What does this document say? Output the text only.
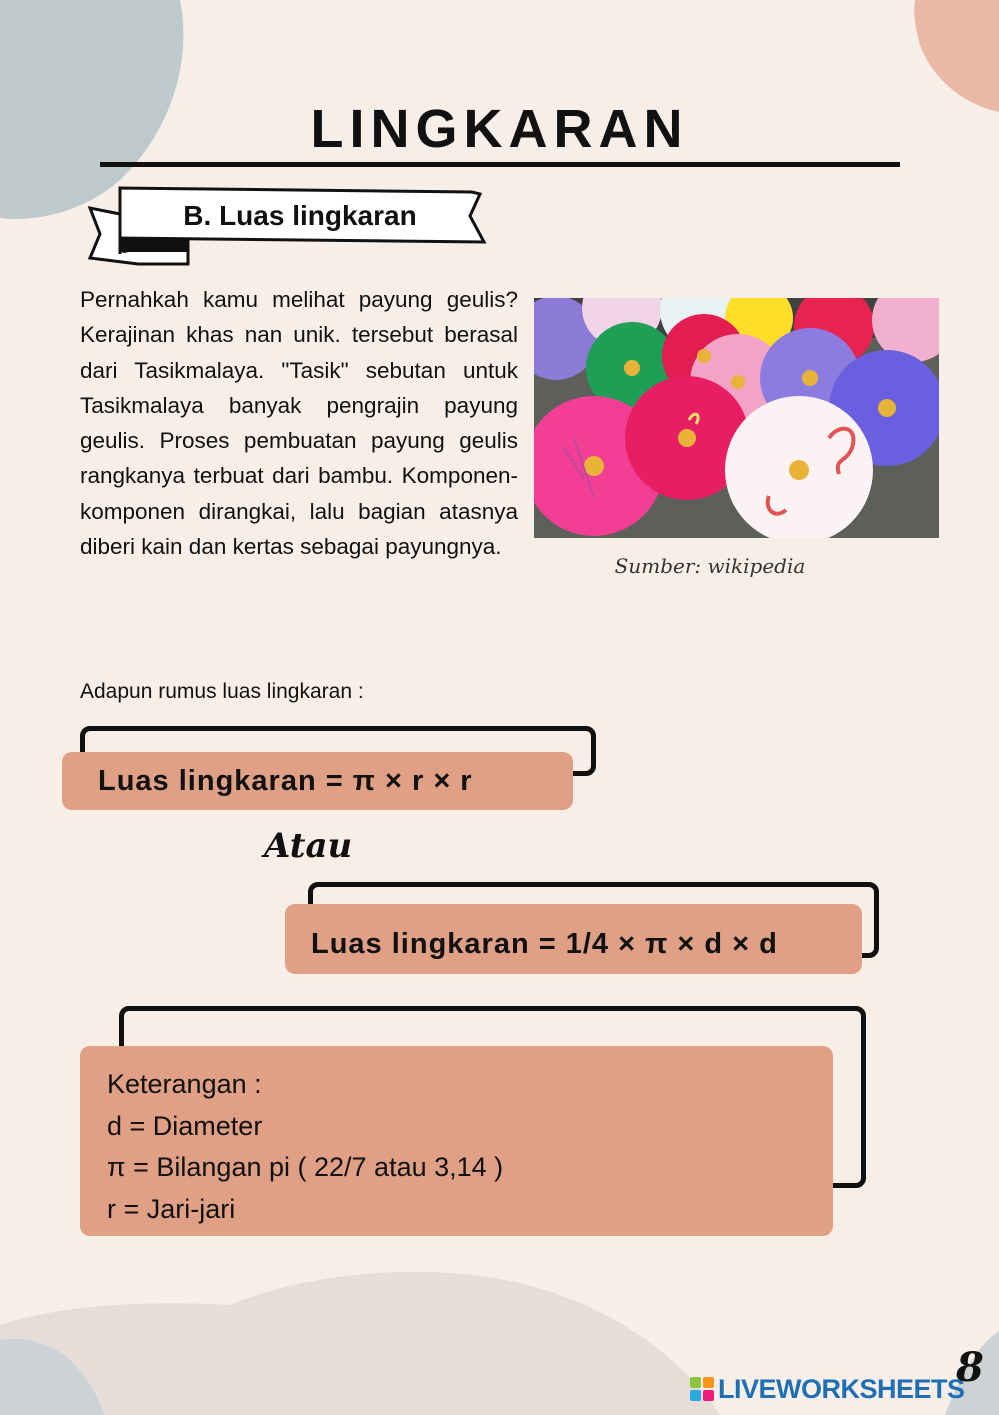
LINGKARAN
B. Luas lingkaran
Pernahkah kamu melihat payung geulis? Kerajinan khas nan unik. tersebut berasal dari Tasikmalaya. "Tasik" sebutan untuk Tasikmalaya banyak pengrajin payung geulis. Proses pembuatan payung geulis rangkanya terbuat dari bambu. Komponen-komponen dirangkai, lalu bagian atasnya diberi kain dan kertas sebagai payungnya.
Sumber: wikipedia
Adapun rumus luas lingkaran :
Luas lingkaran = π × r × r
Atau
Luas lingkaran = 1/4 × π × d × d
Keterangan :
d = Diameter
π = Bilangan pi ( 22/7 atau 3,14 )
r = Jari-jari
LIVEWORKSHEETS
8
